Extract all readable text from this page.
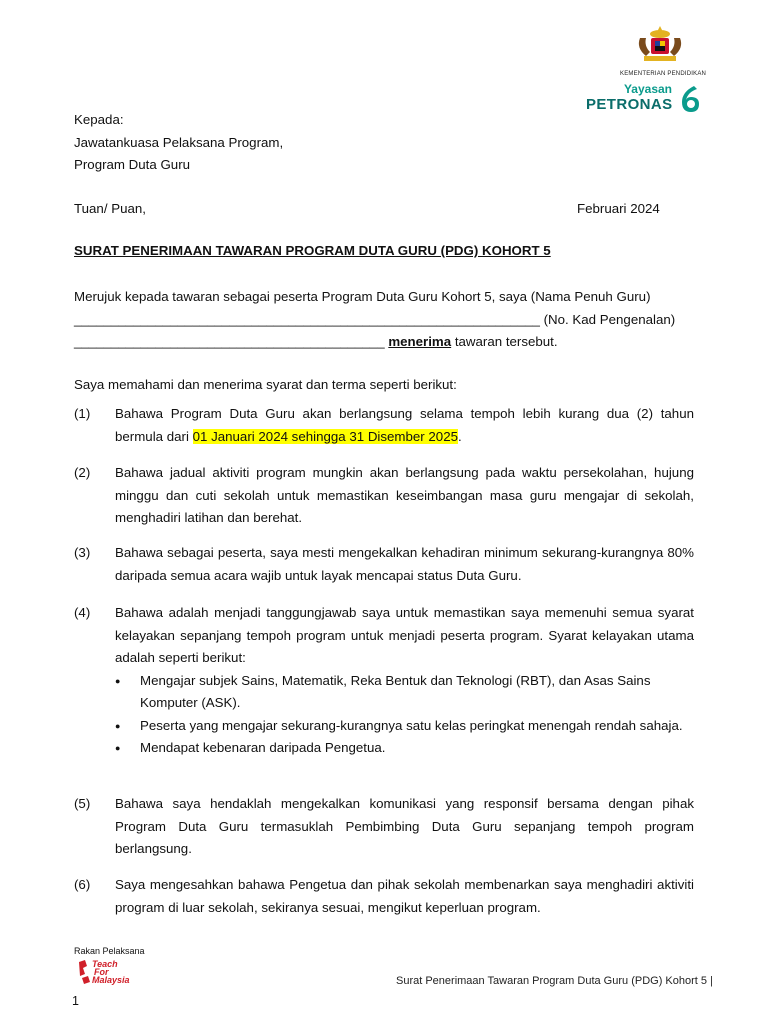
KEMENTERIAN PENDIDIKAN
Yayasan
PETRONAS
Kepada:
Jawatankuasa Pelaksana Program,
Program Duta Guru
Tuan/ Puan,	Februari 2024
SURAT PENERIMAAN TAWARAN PROGRAM DUTA GURU (PDG) KOHORT 5
Merujuk kepada tawaran sebagai peserta Program Duta Guru Kohort 5, saya (Nama Penuh Guru)
_______________________________________________________________ (No. Kad Pengenalan)
__________________________________________ menerima tawaran tersebut.
Saya memahami dan menerima syarat dan terma seperti berikut:
(1) Bahawa Program Duta Guru akan berlangsung selama tempoh lebih kurang dua (2) tahun bermula dari 01 Januari 2024 sehingga 31 Disember 2025.
(2) Bahawa jadual aktiviti program mungkin akan berlangsung pada waktu persekolahan, hujung minggu dan cuti sekolah untuk memastikan keseimbangan masa guru mengajar di sekolah, menghadiri latihan dan berehat.
(3) Bahawa sebagai peserta, saya mesti mengekalkan kehadiran minimum sekurang-kurangnya 80% daripada semua acara wajib untuk layak mencapai status Duta Guru.
(4) Bahawa adalah menjadi tanggungjawab saya untuk memastikan saya memenuhi semua syarat kelayakan sepanjang tempoh program untuk menjadi peserta program. Syarat kelayakan utama adalah seperti berikut:
● Mengajar subjek Sains, Matematik, Reka Bentuk dan Teknologi (RBT), dan Asas Sains Komputer (ASK).
● Peserta yang mengajar sekurang-kurangnya satu kelas peringkat menengah rendah sahaja.
● Mendapat kebenaran daripada Pengetua.
(5) Bahawa saya hendaklah mengekalkan komunikasi yang responsif bersama dengan pihak Program Duta Guru termasuklah Pembimbing Duta Guru sepanjang tempoh program berlangsung.
(6) Saya mengesahkan bahawa Pengetua dan pihak sekolah membenarkan saya menghadiri aktiviti program di luar sekolah, sekiranya sesuai, mengikut keperluan program.
Rakan Pelaksana
Teach
For
Malaysia	Surat Penerimaan Tawaran Program Duta Guru (PDG) Kohort 5 |
1
